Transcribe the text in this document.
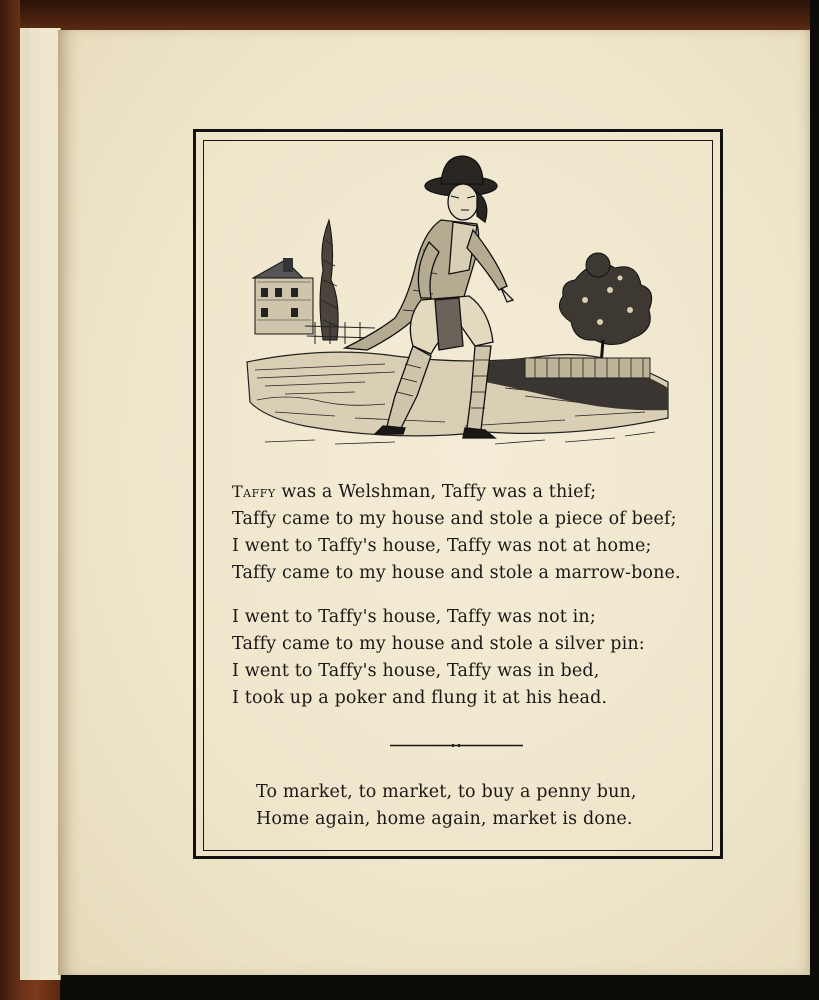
Taffy was a Welshman, Taffy was a thief;

Taffy came to my house and stole a piece of beef;

I went to Taffy's house, Taffy was not at home;

Taffy came to my house and stole a marrow-bone.

I went to Taffy's house, Taffy was not in;

Taffy came to my house and stole a silver pin:

I went to Taffy's house, Taffy was in bed,

I took up a poker and flung it at his head.

To market, to market, to buy a penny bun,

Home again, home again, market is done.
